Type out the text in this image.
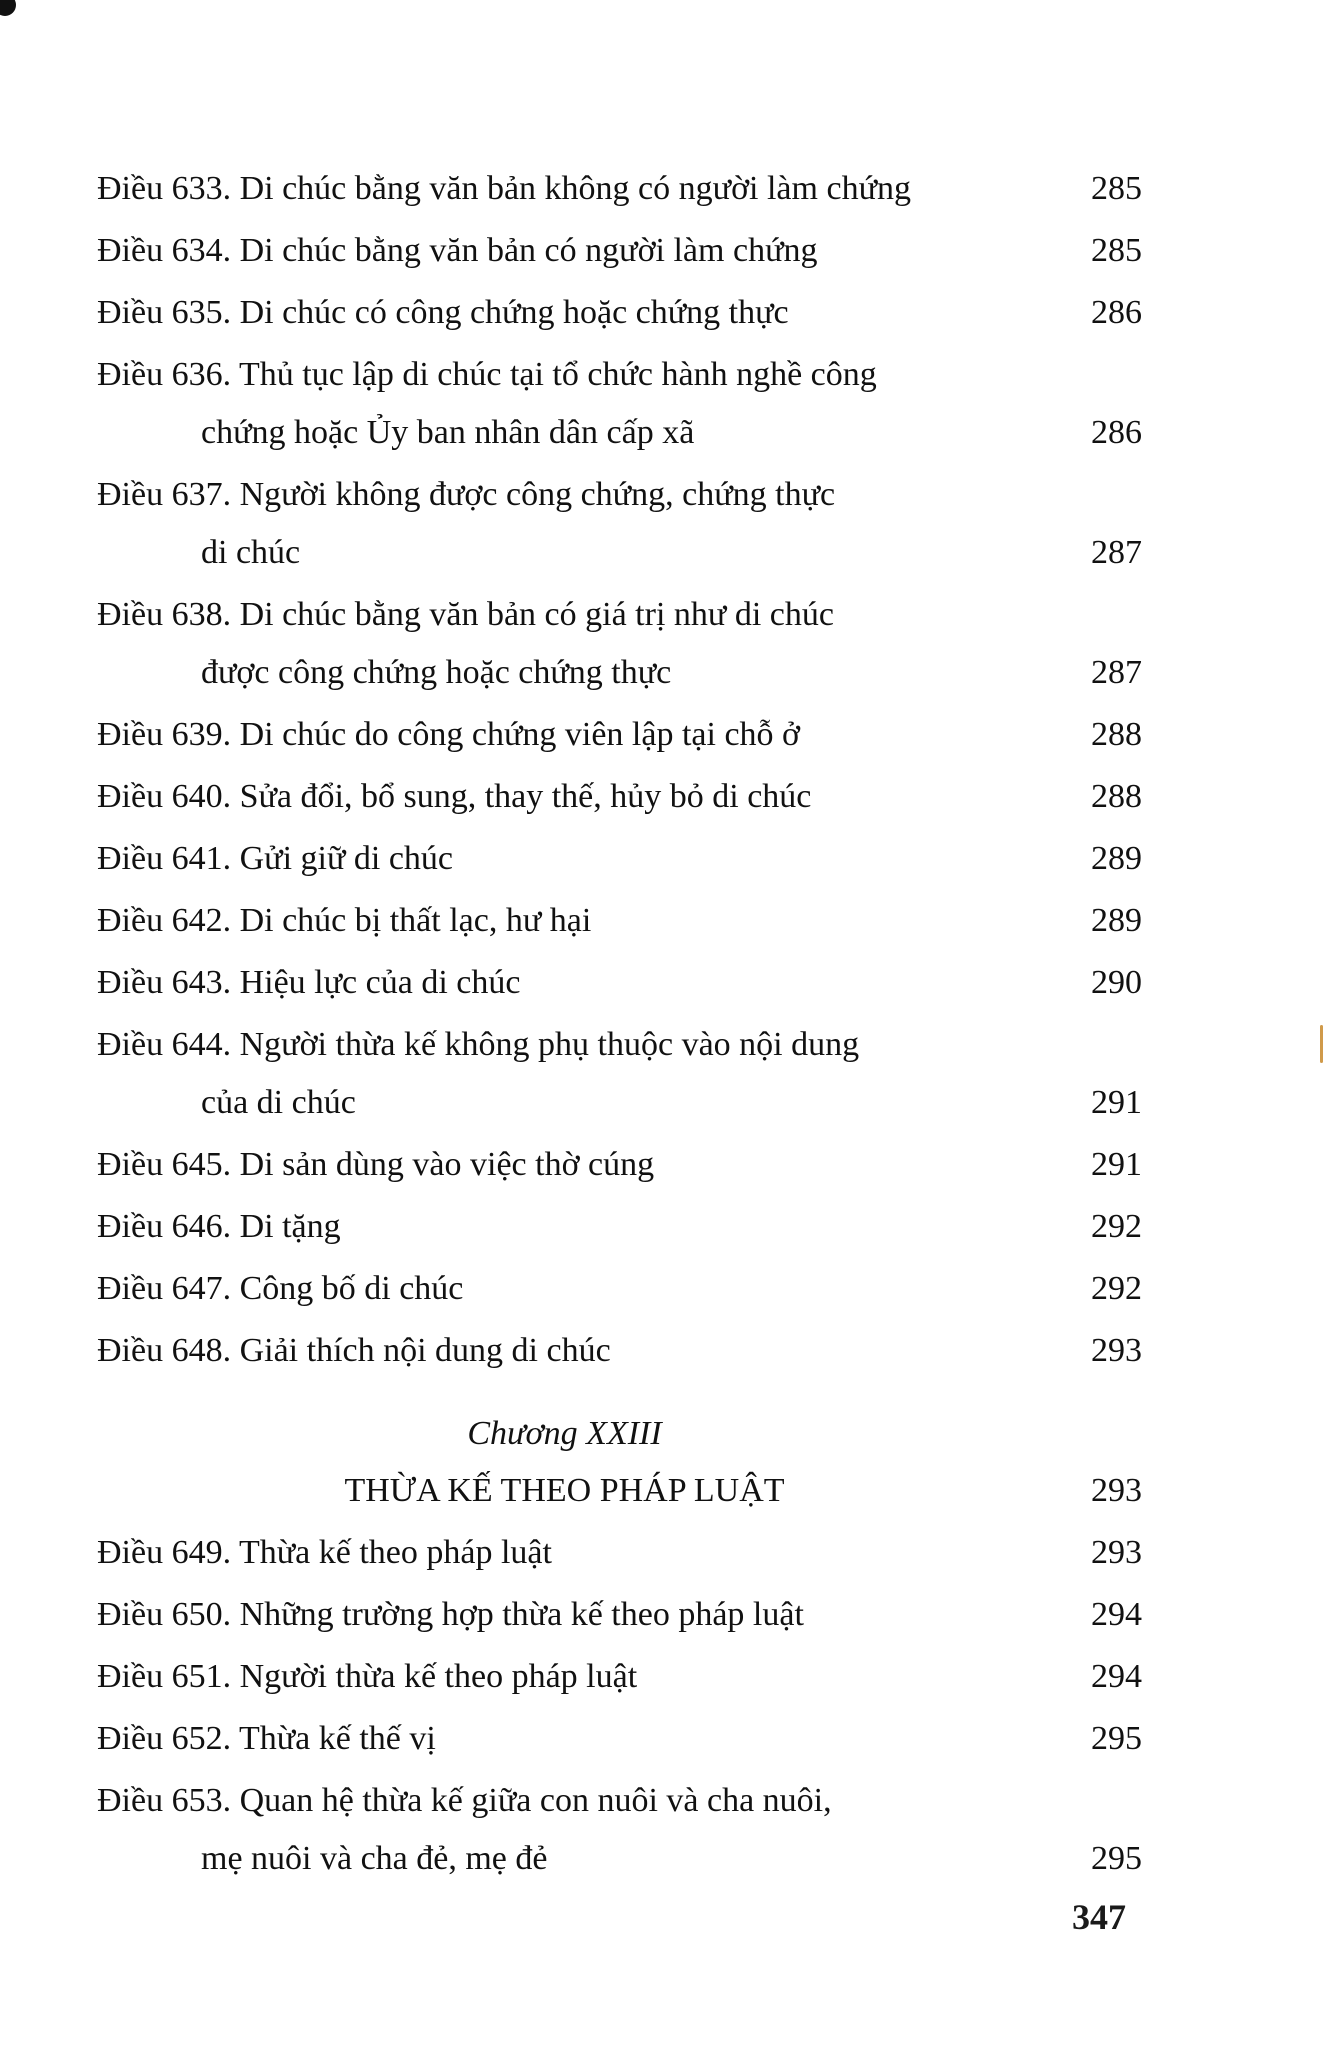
Điều 633. Di chúc bằng văn bản không có người làm chứng	285
Điều 634. Di chúc bằng văn bản có người làm chứng	285
Điều 635. Di chúc có công chứng hoặc chứng thực	286
Điều 636. Thủ tục lập di chúc tại tổ chức hành nghề công
chứng hoặc Ủy ban nhân dân cấp xã	286
Điều 637. Người không được công chứng, chứng thực
di chúc	287
Điều 638. Di chúc bằng văn bản có giá trị như di chúc
được công chứng hoặc chứng thực	287
Điều 639. Di chúc do công chứng viên lập tại chỗ ở	288
Điều 640. Sửa đổi, bổ sung, thay thế, hủy bỏ di chúc	288
Điều 641. Gửi giữ di chúc	289
Điều 642. Di chúc bị thất lạc, hư hại	289
Điều 643. Hiệu lực của di chúc	290
Điều 644. Người thừa kế không phụ thuộc vào nội dung
của di chúc	291
Điều 645. Di sản dùng vào việc thờ cúng	291
Điều 646. Di tặng	292
Điều 647. Công bố di chúc	292
Điều 648. Giải thích nội dung di chúc	293
Chương XXIII
THỪA KẾ THEO PHÁP LUẬT	293
Điều 649. Thừa kế theo pháp luật	293
Điều 650. Những trường hợp thừa kế theo pháp luật	294
Điều 651. Người thừa kế theo pháp luật	294
Điều 652. Thừa kế thế vị	295
Điều 653. Quan hệ thừa kế giữa con nuôi và cha nuôi,
mẹ nuôi và cha đẻ, mẹ đẻ	295
347
